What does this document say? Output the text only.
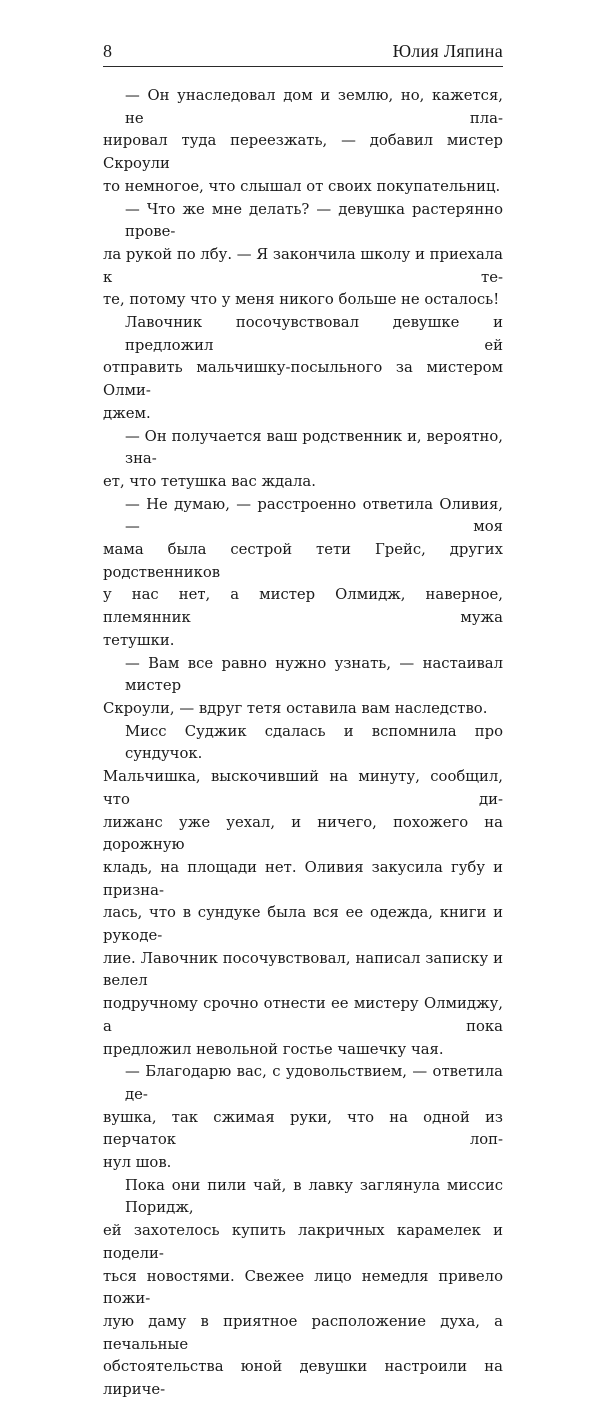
8	Юлия Ляпина

— Он унаследовал дом и землю, но, кажется, не пла-
нировал туда переезжать, — добавил мистер Скроули
то немногое, что слышал от своих покупательниц.

— Что же мне делать? — девушка растерянно прове-
ла рукой по лбу. — Я закончила школу и приехала к те-
те, потому что у меня никого больше не осталось!

Лавочник посочувствовал девушке и предложил ей
отправить мальчишку-посыльного за мистером Олми-
джем.

— Он получается ваш родственник и, вероятно, зна-
ет, что тетушка вас ждала.

— Не думаю, — расстроенно ответила Оливия, — моя
мама была сестрой тети Грейс, других родственников
у нас нет, а мистер Олмидж, наверное, племянник мужа
тетушки.

— Вам все равно нужно узнать, — настаивал мистер
Скроули, — вдруг тетя оставила вам наследство.

Мисс Суджик сдалась и вспомнила про сундучок.
Мальчишка, выскочивший на минуту, сообщил, что ди-
лижанс уже уехал, и ничего, похожего на дорожную
кладь, на площади нет. Оливия закусила губу и призна-
лась, что в сундуке была вся ее одежда, книги и рукоде-
лие. Лавочник посочувствовал, написал записку и велел
подручному срочно отнести ее мистеру Олмиджу, а пока
предложил невольной гостье чашечку чая.

— Благодарю вас, с удовольствием, — ответила де-
вушка, так сжимая руки, что на одной из перчаток лоп-
нул шов.

Пока они пили чай, в лавку заглянула миссис Поридж,
ей захотелось купить лакричных карамелек и подели-
ться новостями. Свежее лицо немедля привело пожи-
лую даму в приятное расположение духа, а печальные
обстоятельства юной девушки настроили на лириче-
